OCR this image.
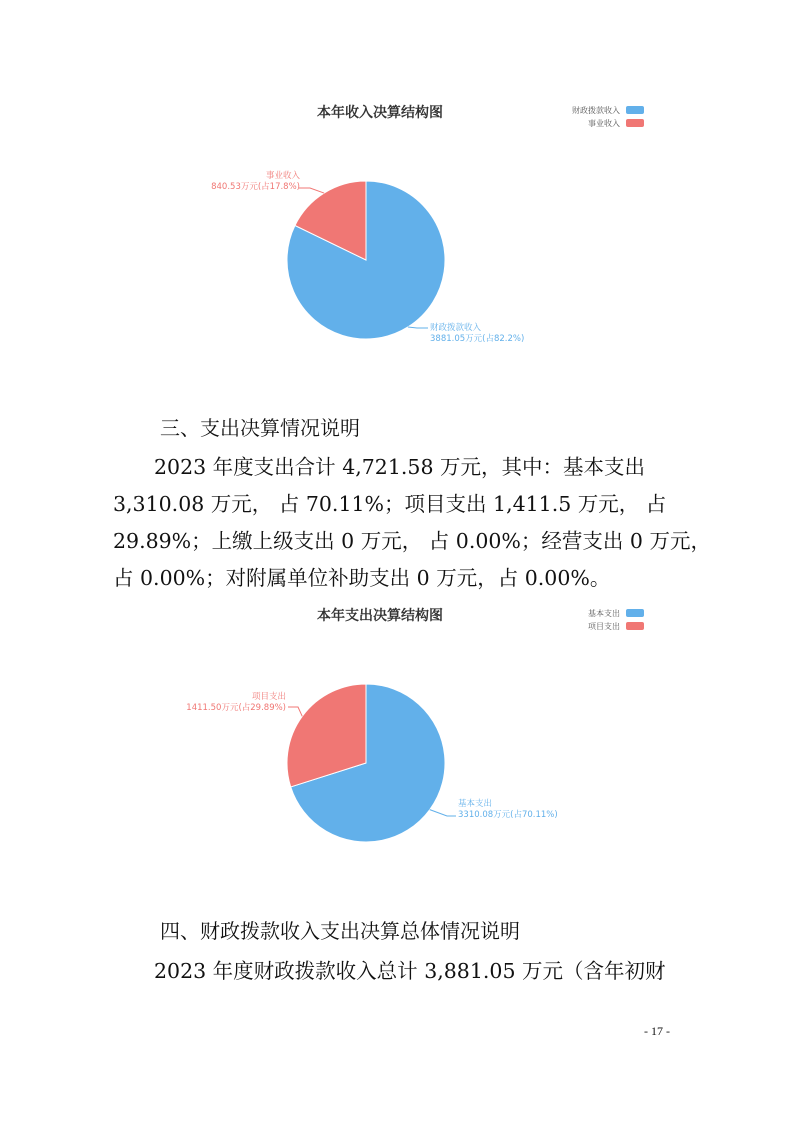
本年收入决算结构图	财政拨款收入
事业收入
财政拨款收入
3881.05万元(占82.2%)
事业收入
840.53万元(占17.8%)
三、支出决算情况说明
2023 年度支出合计 4,721.58 万元，其中：基本支出
3,310.08 万元， 占 70.11%；项目支出 1,411.5 万元， 占
29.89%；上缴上级支出 0 万元， 占 0.00%；经营支出 0 万元，
占 0.00%；对附属单位补助支出 0 万元，占 0.00%。
本年支出决算结构图	基本支出
项目支出
基本支出
3310.08万元(占70.11%)
项目支出
1411.50万元(占29.89%)
四、财政拨款收入支出决算总体情况说明
2023 年度财政拨款收入总计 3,881.05 万元（含年初财
- 17 -
